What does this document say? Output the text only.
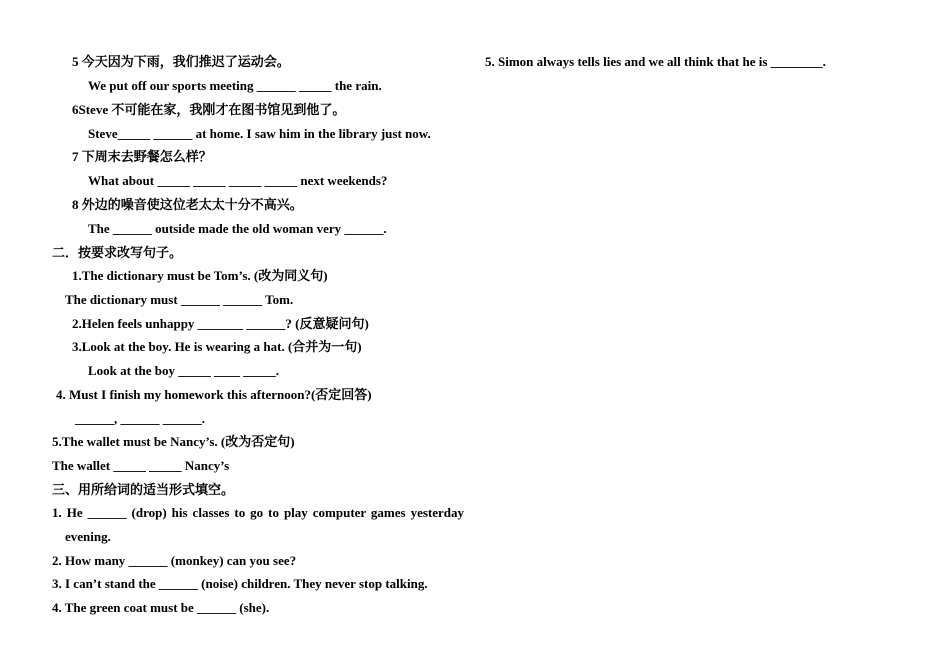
5 今天因为下雨，我们推迟了运动会。
We put off our sports meeting ______ _____ the rain.
6Steve 不可能在家，我刚才在图书馆见到他了。
Steve_____ ______ at home. I saw him in the library just now.
7 下周末去野餐怎么样？
What about _____ _____ _____ _____ next weekends?
8 外边的噪音使这位老太太十分不高兴。
The ______ outside made the old woman very ______.
二．按要求改写句子。
1.The dictionary must be Tom’s. (改为同义句)
The dictionary must ______ ______ Tom.
2.Helen feels unhappy _______ ______? (反意疑问句)
3.Look at the boy. He is wearing a hat. (合并为一句)
Look at the boy _____ ____ _____.
4. Must I finish my homework this afternoon?(否定回答)
______, ______ ______.
5.The wallet must be Nancy’s. (改为否定句)
The wallet _____ _____ Nancy’s
三、用所给词的适当形式填空。
1. He ______ (drop) his classes to go to play computer games yesterday
evening.
2. How many ______ (monkey) can you see?
3. I can’t stand the ______ (noise) children. They never stop talking.
4. The green coat must be ______ (she).
5. Simon always tells lies and we all think that he is ________.
